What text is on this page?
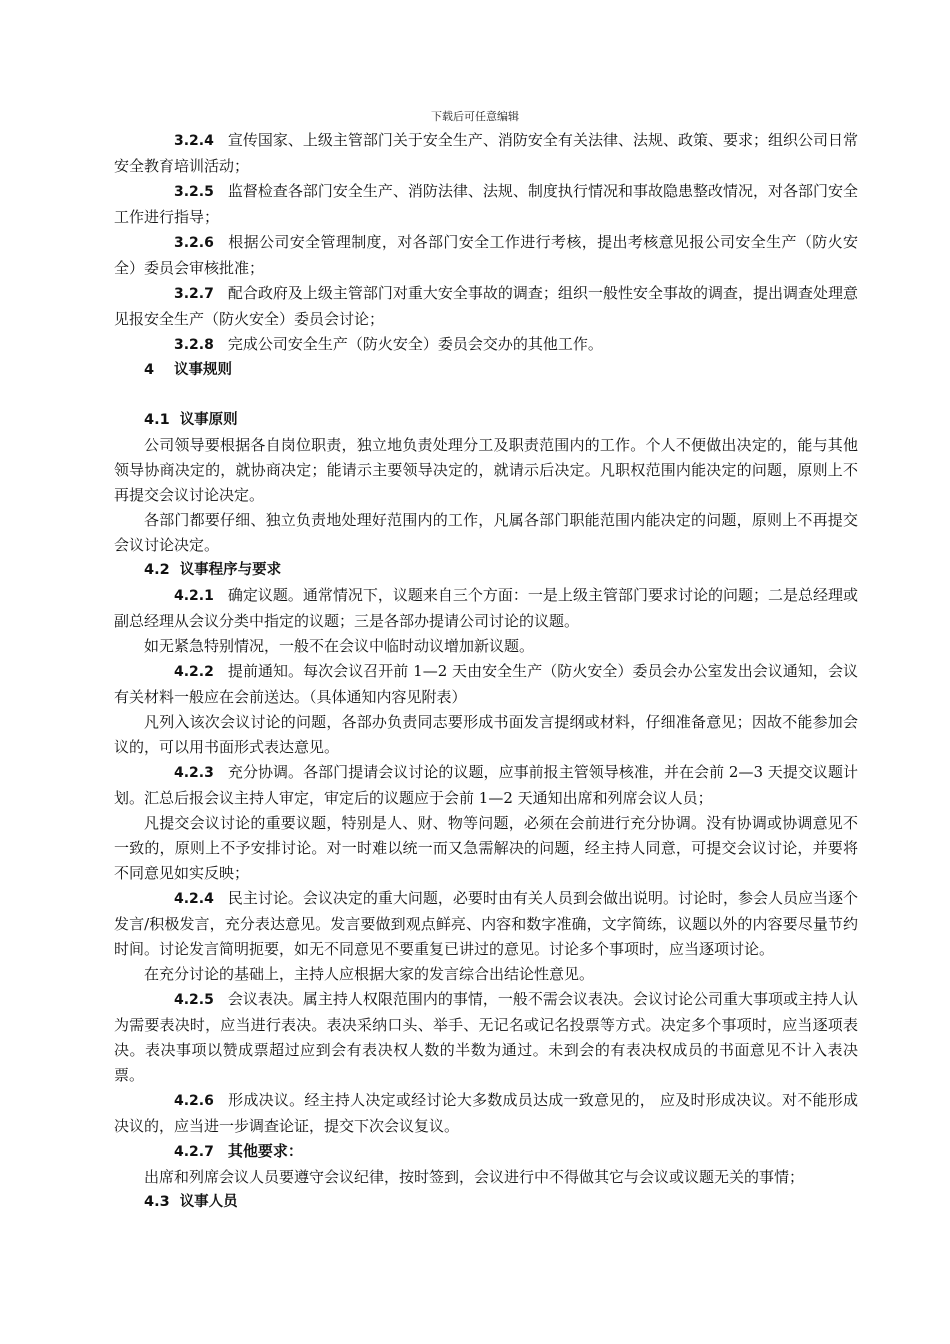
下载后可任意编辑

3.2.4 宣传国家、上级主管部门关于安全生产、消防安全有关法律、法规、政策、要求；组织公司日常安全教育培训活动；

3.2.5 监督检查各部门安全生产、消防法律、法规、制度执行情况和事故隐患整改情况，对各部门安全工作进行指导；

3.2.6 根据公司安全管理制度，对各部门安全工作进行考核，提出考核意见报公司安全生产（防火安全）委员会审核批准；

3.2.7 配合政府及上级主管部门对重大安全事故的调查；组织一般性安全事故的调查，提出调查处理意见报安全生产（防火安全）委员会讨论；

3.2.8 完成公司安全生产（防火安全）委员会交办的其他工作。

4 议事规则

4.1 议事原则

公司领导要根据各自岗位职责，独立地负责处理分工及职责范围内的工作。个人不便做出决定的，能与其他领导协商决定的，就协商决定；能请示主要领导决定的，就请示后决定。凡职权范围内能决定的问题，原则上不再提交会议讨论决定。

各部门都要仔细、独立负责地处理好范围内的工作，凡属各部门职能范围内能决定的问题，原则上不再提交会议讨论决定。

4.2 议事程序与要求

4.2.1 确定议题。通常情况下，议题来自三个方面：一是上级主管部门要求讨论的问题；二是总经理或副总经理从会议分类中指定的议题；三是各部办提请公司讨论的议题。

如无紧急特别情况，一般不在会议中临时动议增加新议题。

4.2.2 提前通知。每次会议召开前 1—2 天由安全生产（防火安全）委员会办公室发出会议通知，会议有关材料一般应在会前送达。（具体通知内容见附表）

凡列入该次会议讨论的问题，各部办负责同志要形成书面发言提纲或材料，仔细准备意见；因故不能参加会议的，可以用书面形式表达意见。

4.2.3 充分协调。各部门提请会议讨论的议题，应事前报主管领导核准，并在会前 2—3 天提交议题计划。汇总后报会议主持人审定，审定后的议题应于会前 1—2 天通知出席和列席会议人员；

凡提交会议讨论的重要议题，特别是人、财、物等问题，必须在会前进行充分协调。没有协调或协调意见不一致的，原则上不予安排讨论。对一时难以统一而又急需解决的问题，经主持人同意，可提交会议讨论，并要将不同意见如实反映；

4.2.4 民主讨论。会议决定的重大问题，必要时由有关人员到会做出说明。讨论时，参会人员应当逐个发言/积极发言，充分表达意见。发言要做到观点鲜亮、内容和数字准确，文字简练，议题以外的内容要尽量节约时间。讨论发言简明扼要，如无不同意见不要重复已讲过的意见。讨论多个事项时，应当逐项讨论。

在充分讨论的基础上，主持人应根据大家的发言综合出结论性意见。

4.2.5 会议表决。属主持人权限范围内的事情，一般不需会议表决。会议讨论公司重大事项或主持人认为需要表决时，应当进行表决。表决采纳口头、举手、无记名或记名投票等方式。决定多个事项时，应当逐项表决。表决事项以赞成票超过应到会有表决权人数的半数为通过。未到会的有表决权成员的书面意见不计入表决票。

4.2.6 形成决议。经主持人决定或经讨论大多数成员达成一致意见的， 应及时形成决议。对不能形成决议的，应当进一步调查论证，提交下次会议复议。

4.2.7 其他要求：

出席和列席会议人员要遵守会议纪律，按时签到，会议进行中不得做其它与会议或议题无关的事情；

4.3 议事人员
